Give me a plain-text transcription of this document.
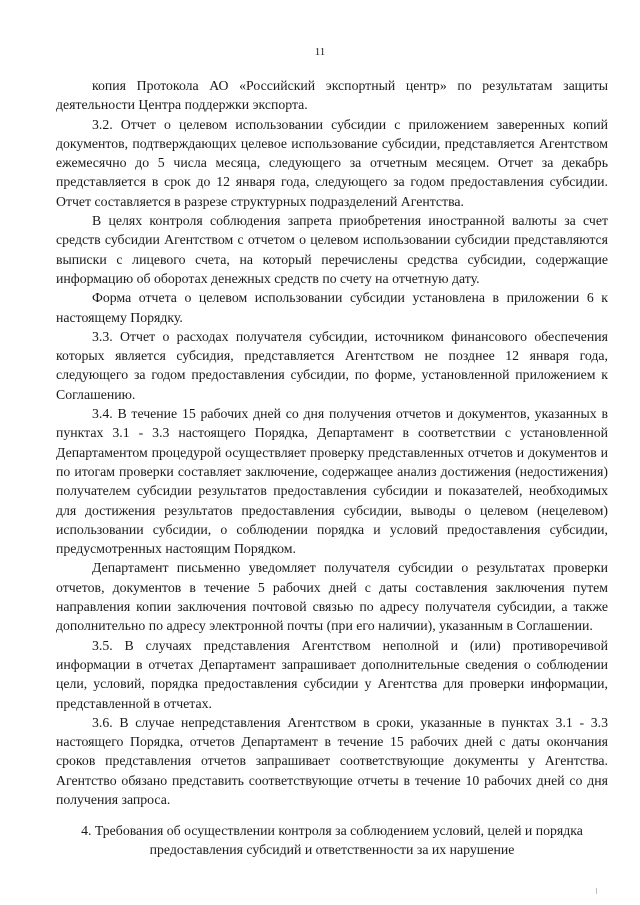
11

копия Протокола АО «Российский экспортный центр» по результатам защиты деятельности Центра поддержки экспорта.

3.2. Отчет о целевом использовании субсидии с приложением заверенных копий документов, подтверждающих целевое использование субсидии, представляется Агентством ежемесячно до 5 числа месяца, следующего за отчетным месяцем. Отчет за декабрь представляется в срок до 12 января года, следующего за годом предоставления субсидии. Отчет составляется в разрезе структурных подразделений Агентства.

В целях контроля соблюдения запрета приобретения иностранной валюты за счет средств субсидии Агентством с отчетом о целевом использовании субсидии представляются выписки с лицевого счета, на который перечислены средства субсидии, содержащие информацию об оборотах денежных средств по счету на отчетную дату.

Форма отчета о целевом использовании субсидии установлена в приложении 6 к настоящему Порядку.

3.3. Отчет о расходах получателя субсидии, источником финансового обеспечения которых является субсидия, представляется Агентством не позднее 12 января года, следующего за годом предоставления субсидии, по форме, установленной приложением к Соглашению.

3.4. В течение 15 рабочих дней со дня получения отчетов и документов, указанных в пунктах 3.1 - 3.3 настоящего Порядка, Департамент в соответствии с установленной Департаментом процедурой осуществляет проверку представленных отчетов и документов и по итогам проверки составляет заключение, содержащее анализ достижения (недостижения) получателем субсидии результатов предоставления субсидии и показателей, необходимых для достижения результатов предоставления субсидии, выводы о целевом (нецелевом) использовании субсидии, о соблюдении порядка и условий предоставления субсидии, предусмотренных настоящим Порядком.

Департамент письменно уведомляет получателя субсидии о результатах проверки отчетов, документов в течение 5 рабочих дней с даты составления заключения путем направления копии заключения почтовой связью по адресу получателя субсидии, а также дополнительно по адресу электронной почты (при его наличии), указанным в Соглашении.

3.5. В случаях представления Агентством неполной и (или) противоречивой информации в отчетах Департамент запрашивает дополнительные сведения о соблюдении цели, условий, порядка предоставления субсидии у Агентства для проверки информации, представленной в отчетах.

3.6. В случае непредставления Агентством в сроки, указанные в пунктах 3.1 - 3.3 настоящего Порядка, отчетов Департамент в течение 15 рабочих дней с даты окончания сроков представления отчетов запрашивает соответствующие документы у Агентства. Агентство обязано представить соответствующие отчеты в течение 10 рабочих дней со дня получения запроса.

4. Требования об осуществлении контроля за соблюдением условий, целей и порядка предоставления субсидий и ответственности за их нарушение
